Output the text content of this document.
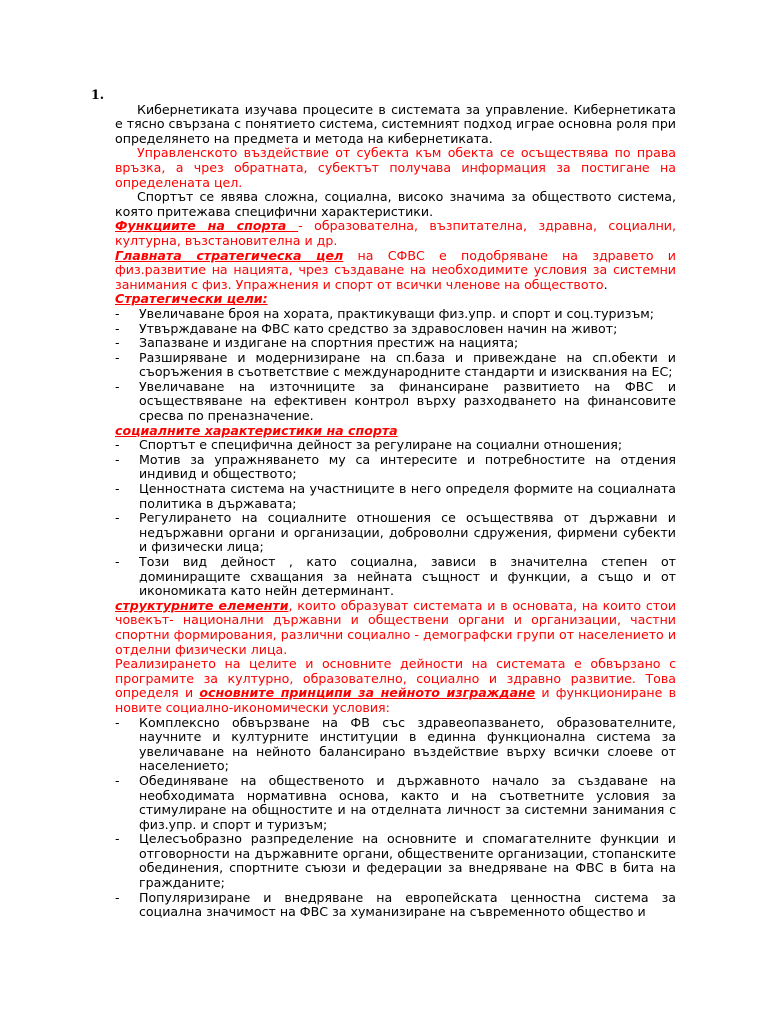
1.

Кибернетиката изучава процесите в системата за управление. Кибернетиката е тясно свързана с понятието система, системният подход играе основна роля при определянето на предмета и метода на кибернетиката.

Управленското въздействие от субекта към обекта се осъществява по права връзка, а чрез обратната, субектът получава информация за постигане на определената цел.

Спортът се явява сложна, социална, високо значима за обществото система, която притежава специфични характеристики.

Функциите на спорта - образователна, възпитателна, здравна, социални, културна, възстановителна и др.

Главната стратегическа цел на СФВС е подобряване на здравето и физ.развитие на нацията, чрез създаване на необходимите условия за системни занимания с физ. Упражнения и спорт от всички членове на обществото.

Стратегически цели:

- Увеличаване броя на хората, практикуващи физ.упр. и спорт и соц.туризъм;
- Утвърждаване на ФВС като средство за здравословен начин на живот;
- Запазване и издигане на спортния престиж на нацията;
- Разширяване и модернизиране на сп.база и привеждане на сп.обекти и съоръжения в съответствие с международните стандарти и изисквания на ЕС;
- Увеличаване на източниците за финансиране развитието на ФВС и осъществяване на ефективен контрол върху разходването на финансовите сресва по преназначение.

социалните характеристики на спорта

- Спортът е специфична дейност за регулиране на социални отношения;
- Мотив за упражняването му са интересите и потребностите на отдения индивид и обществото;
- Ценностната система на участниците в него определя формите на социалната политика в държавата;
- Регулирането на социалните отношения се осъществява от държавни и недържавни органи и организации, доброволни сдружения, фирмени субекти и физически лица;
- Този вид дейност , като социална, зависи в значителна степен от доминиращите схващания за нейната същност и функции, а също и от икономиката като нейн детерминант.

структурните елементи, които образуват системата и в основата, на които стои човекът- национални държавни и обществени органи и организации, частни спортни формирования, различни социално - демографски групи от населението и отделни физически лица.

Реализирането на целите и основните дейности на системата е обвързано с програмите за културно, образователно, социално и здравно развитие. Това определя и основните принципи за нейното изграждане и функциониране в новите социално-икономически условия:

- Комплексно обвързване на ФВ със здравеопазването, образователните, научните и културните институции в единна функционална система за увеличаване на нейното балансирано въздействие върху всички слоеве от населението;
- Обединяване на общественото и държавното начало за създаване на необходимата нормативна основа, както и на съответните условия за стимулиране на общностите и на отделната личност за системни занимания с физ.упр. и спорт и туризъм;
- Целесъобразно разпределение на основните и спомагателните функции и отговорности на държавните органи, обществените организации, стопанските обединения, спортните съюзи и федерации за внедряване на ФВС в бита на гражданите;
- Популяризиране и внедряване на европейската ценностна система за социална значимост на ФВС за хуманизиране на съвременното общество и
